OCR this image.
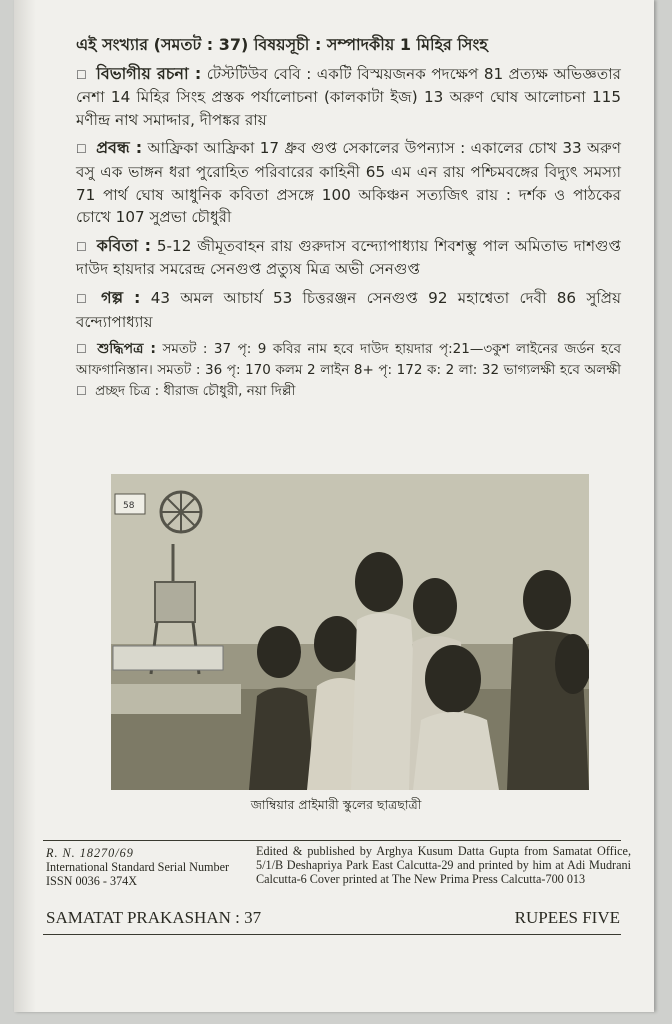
এই সংখ্যার (সমতট : 37) বিষয়সূচী : সম্পাদকীয় 1 মিহির সিংহ

☐ বিভাগীয় রচনা : টেস্টটিউব বেবি : একটি বিস্ময়জনক পদক্ষেপ 81 প্রত্যক্ষ অভিজ্ঞতার নেশা 14 মিহির সিংহ প্রস্তক পর্যালোচনা (কালকাটা ইজ) 13 অরুণ ঘোষ আলোচনা 115 মণীন্দ্র নাথ সমাদ্দার, দীপঙ্কর রায়

☐ প্রবন্ধ : আফ্রিকা আফ্রিকা 17 ধ্রুব গুপ্ত সেকালের উপন্যাস : একালের চোখ 33 অরুণ বসু এক ভাঙ্গন ধরা পুরোহিত পরিবারের কাহিনী 65 এম এন রায় পশ্চিমবঙ্গের বিদ্যুৎ সমস্যা 71 পার্থ ঘোষ আধুনিক কবিতা প্রসঙ্গে 100 অকিঞ্চন সত্যজিৎ রায় : দর্শক ও পাঠকের চোখে 107 সুপ্রভা চৌধুরী

☐ কবিতা : 5-12 জীমূতবাহন রায় গুরুদাস বন্দ্যোপাধ্যায় শিবশম্ভু পাল অমিতাভ দাশগুপ্ত দাউদ হায়দার সমরেন্দ্র সেনগুপ্ত প্রত্যুষ মিত্র অভী সেনগুপ্ত

☐ গল্প : 43 অমল আচার্য 53 চিত্তরঞ্জন সেনগুপ্ত 92 মহাশ্বেতা দেবী 86 সুপ্রিয় বন্দ্যোপাধ্যায়

☐ শুদ্ধিপত্র : সমতট : 37 পৃ: 9 কবির নাম হবে দাউদ হায়দার পৃ:21—৩কুশ লাইনের জর্ডন হবে আফগানিস্তান। সমতট : 36 পৃ: 170 কলম 2 লাইন 8+ পৃ: 172 ক: 2 লা: 32 ভাগ্যলক্ষী হবে অলক্ষী ☐ প্রচ্ছদ চিত্র : ধীরাজ চৌধুরী, নয়া দিল্লী

58
জাম্বিয়ার প্রাইমারী স্কুলের ছাত্রছাত্রী
R. N. 18270/69
International Standard Serial Number
ISSN 0036 - 374X
Edited & published by Arghya Kusum Datta Gupta from Samatat Office, 5/1/B Deshapriya Park East Calcutta-29 and printed by him at Adi Mudrani Calcutta-6 Cover printed at The New Prima Press Calcutta-700 013
SAMATAT PRAKASHAN : 37	RUPEES FIVE
